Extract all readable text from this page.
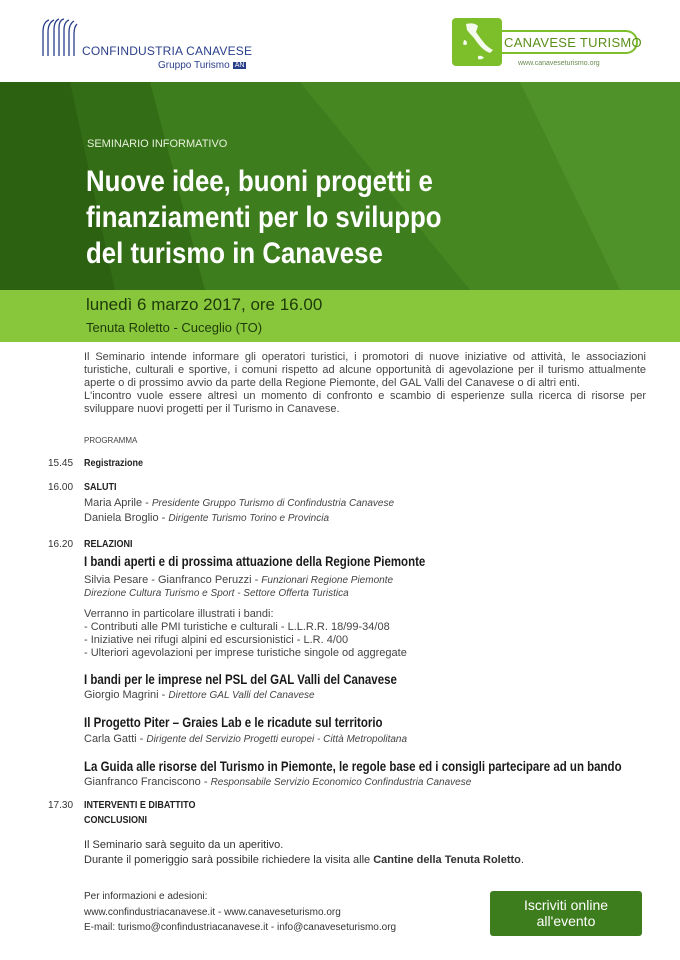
CONFINDUSTRIA CANAVESE
Gruppo Turismo AN
CANAVESE TURISMO
www.canaveseturismo.org
SEMINARIO INFORMATIVO
Nuove idee, buoni progetti e
finanziamenti per lo sviluppo
del turismo in Canavese
lunedì 6 marzo 2017, ore 16.00
Tenuta Roletto - Cuceglio (TO)

Il Seminario intende informare gli operatori turistici, i promotori di nuove iniziative od attività, le associazioni turistiche, culturali e sportive, i comuni rispetto ad alcune opportunità di agevolazione per il turismo attualmente aperte o di prossimo avvio da parte della Regione Piemonte, del GAL Valli del Canavese o di altri enti.

L'incontro vuole essere altresì un momento di confronto e scambio di esperienze sulla ricerca di risorse per sviluppare nuovi progetti per il Turismo in Canavese.

PROGRAMMA
15.45 Registrazione
16.00 SALUTI
Maria Aprile - Presidente Gruppo Turismo di Confindustria Canavese
Daniela Broglio - Dirigente Turismo Torino e Provincia
16.20 RELAZIONI
I bandi aperti e di prossima attuazione della Regione Piemonte
Silvia Pesare - Gianfranco Peruzzi - Funzionari Regione Piemonte
Direzione Cultura Turismo e Sport - Settore Offerta Turistica
Verranno in particolare illustrati i bandi:
- Contributi alle PMI turistiche e culturali - L.L.R.R. 18/99-34/08
- Iniziative nei rifugi alpini ed escursionistici - L.R. 4/00
- Ulteriori agevolazioni per imprese turistiche singole od aggregate
I bandi per le imprese nel PSL del GAL Valli del Canavese
Giorgio Magrini - Direttore GAL Valli del Canavese
Il Progetto Piter – Graies Lab e le ricadute sul territorio
Carla Gatti - Dirigente del Servizio Progetti europei - Città Metropolitana
La Guida alle risorse del Turismo in Piemonte, le regole base ed i consigli partecipare ad un bando
Gianfranco Franciscono - Responsabile Servizio Economico Confindustria Canavese
17.30 INTERVENTI E DIBATTITO
CONCLUSIONI
Il Seminario sarà seguito da un aperitivo.
Durante il pomeriggio sarà possibile richiedere la visita alle Cantine della Tenuta Roletto.
Per informazioni e adesioni:
www.confindustriacanavese.it - www.canaveseturismo.org
E-mail: turismo@confindustriacanavese.it - info@canaveseturismo.org
Iscriviti online
all'evento
